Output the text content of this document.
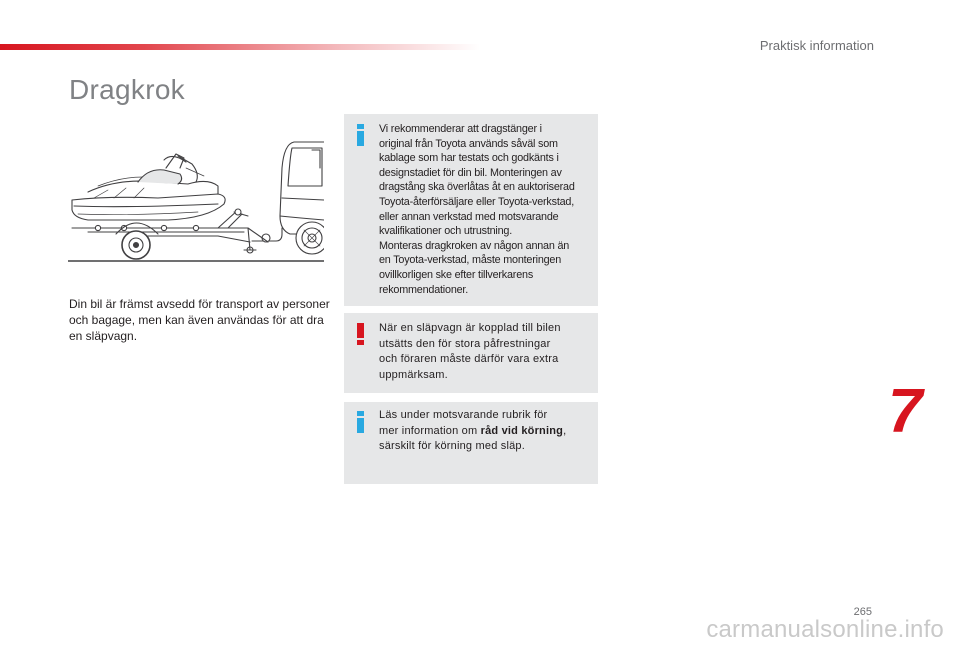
Praktisk information
Dragkrok

Din bil är främst avsedd för transport av personer och bagage, men kan även användas för att dra en släpvagn.

Vi rekommenderar att dragstänger i
original från Toyota används såväl som
kablage som har testats och godkänts i
designstadiet för din bil. Monteringen av
dragstång ska överlåtas åt en auktoriserad
Toyota-återförsäljare eller Toyota-verkstad,
eller annan verkstad med motsvarande
kvalifikationer och utrustning.
Monteras dragkroken av någon annan än
en Toyota-verkstad, måste monteringen
ovillkorligen ske efter tillverkarens
rekommendationer.

När en släpvagn är kopplad till bilen
utsätts den för stora påfrestningar
och föraren måste därför vara extra
uppmärksam.

Läs under motsvarande rubrik för
mer information om råd vid körning,
särskilt för körning med släp.	7
265
carmanualsonline.info
